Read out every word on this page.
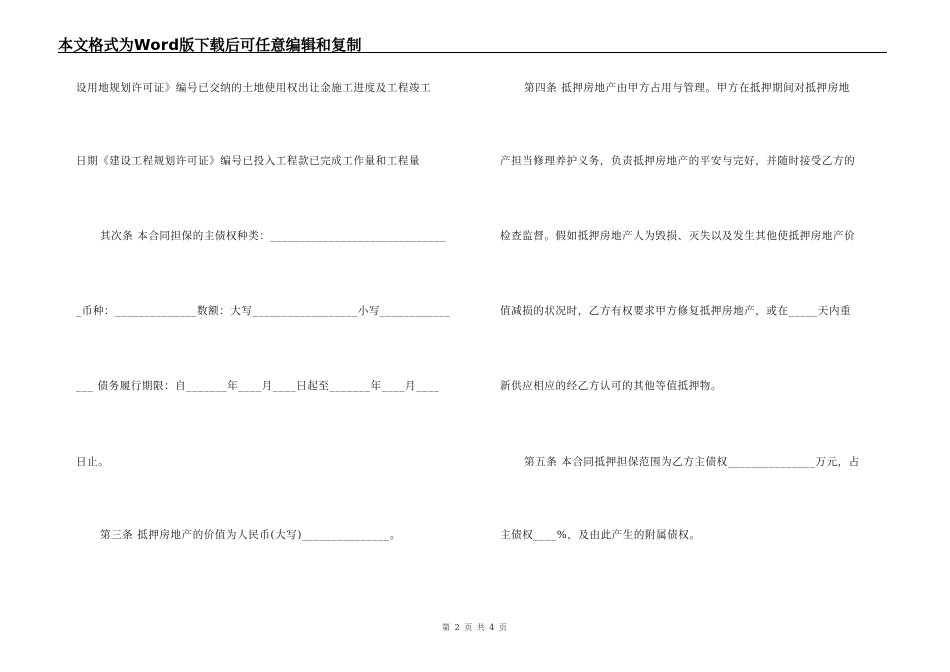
本文格式为Word版下载后可任意编辑和复制
设用地规划许可证》编号已交纳的土地使用权出让金施工进度及工程竣工
日期《建设工程规划许可证》编号已投入工程款已完成工作量和工程量
其次条 本合同担保的主债权种类：______________________________
_币种：______________数额：大写__________________小写____________
___ 债务履行期限：自_______年____月____日起至_______年____月____
日止。
第三条 抵押房地产的价值为人民币(大写)_______________。
第四条 抵押房地产由甲方占用与管理。甲方在抵押期间对抵押房地
产担当修理养护义务，负责抵押房地产的平安与完好，并随时接受乙方的
检查监督。假如抵押房地产人为毁损、灭失以及发生其他使抵押房地产价
值减损的状况时，乙方有权要求甲方修复抵押房地产，或在_____天内重
新供应相应的经乙方认可的其他等值抵押物。
第五条 本合同抵押担保范围为乙方主债权_______________万元，占
主债权____%，及由此产生的附属债权。
第 2 页 共 4 页
